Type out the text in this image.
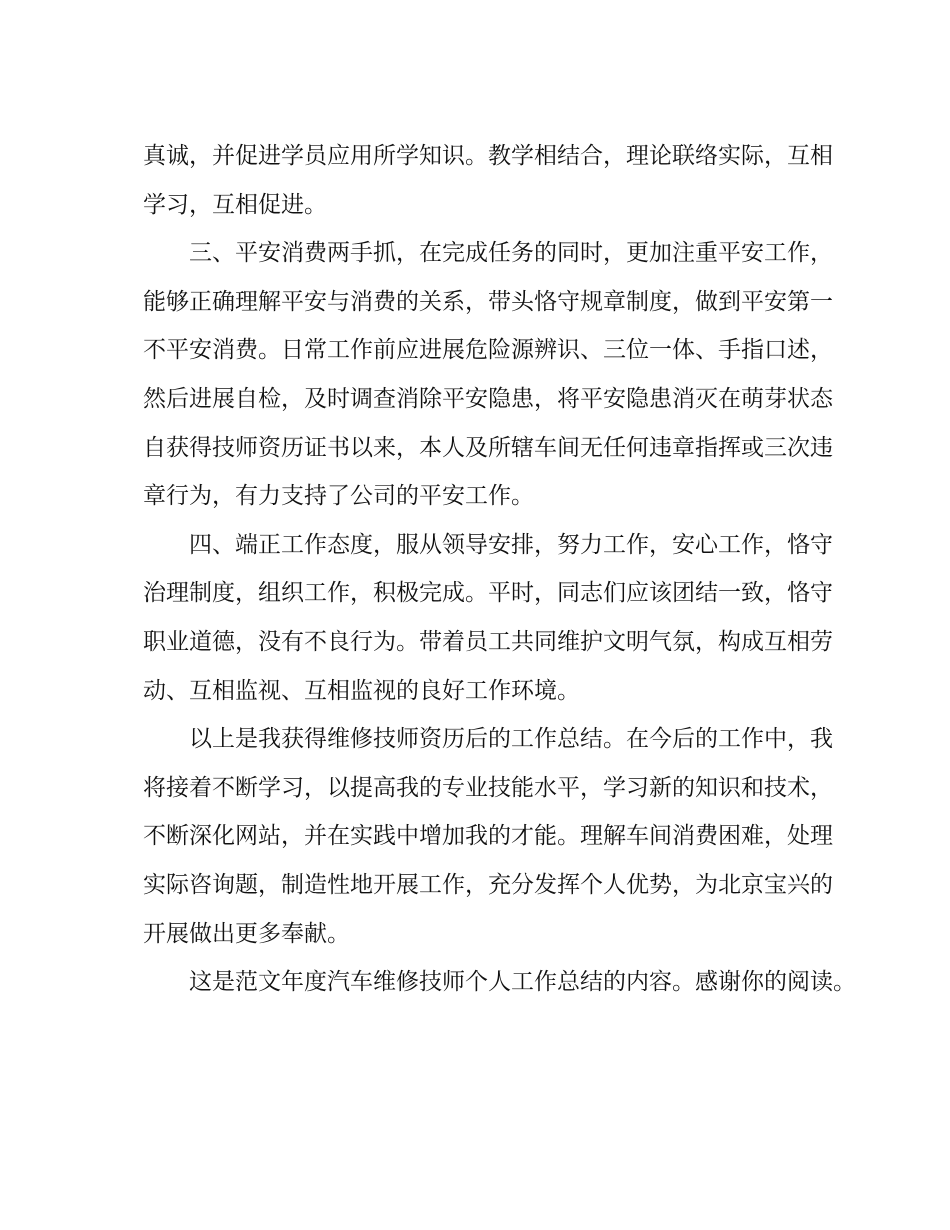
真诚，并促进学员应用所学知识。教学相结合，理论联络实际，互相
学习，互相促进。
三、平安消费两手抓，在完成任务的同时，更加注重平安工作，
能够正确理解平安与消费的关系，带头恪守规章制度，做到平安第一
不平安消费。日常工作前应进展危险源辨识、三位一体、手指口述，
然后进展自检，及时调查消除平安隐患，将平安隐患消灭在萌芽状态
自获得技师资历证书以来，本人及所辖车间无任何违章指挥或三次违
章行为，有力支持了公司的平安工作。
四、端正工作态度，服从领导安排，努力工作，安心工作，恪守
治理制度，组织工作，积极完成。平时，同志们应该团结一致，恪守
职业道德，没有不良行为。带着员工共同维护文明气氛，构成互相劳
动、互相监视、互相监视的良好工作环境。
以上是我获得维修技师资历后的工作总结。在今后的工作中，我
将接着不断学习，以提高我的专业技能水平，学习新的知识和技术，
不断深化网站，并在实践中增加我的才能。理解车间消费困难，处理
实际咨询题，制造性地开展工作，充分发挥个人优势，为北京宝兴的
开展做出更多奉献。
这是范文年度汽车维修技师个人工作总结的内容。感谢你的阅读。
